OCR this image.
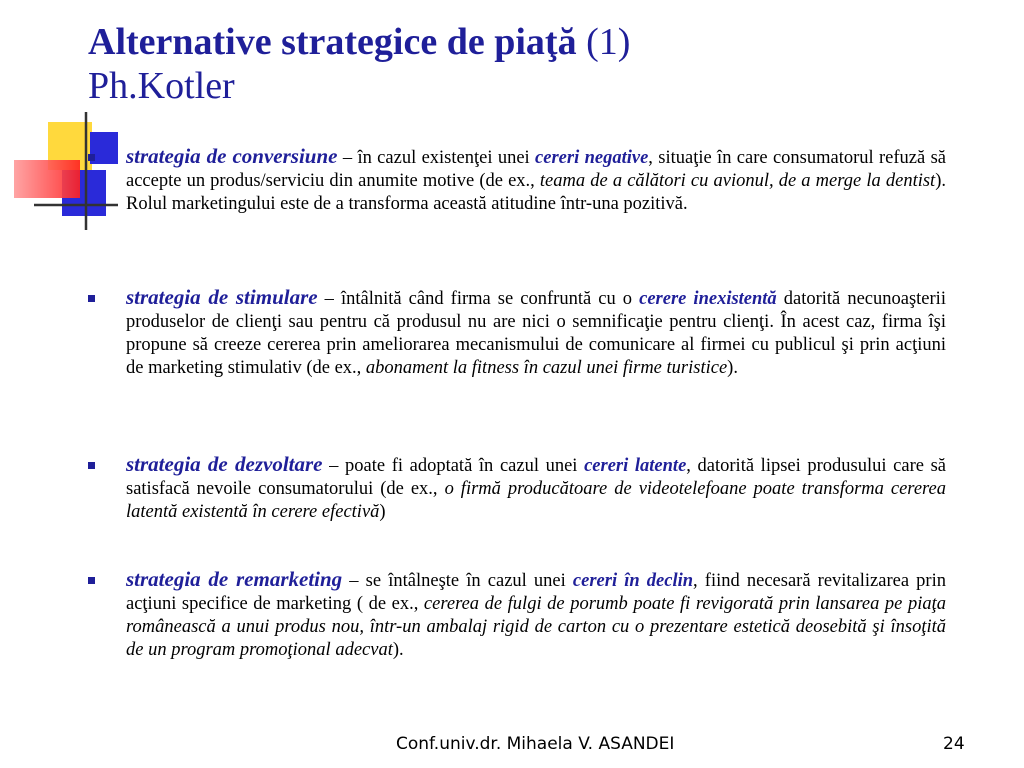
Alternative strategice de piaţă (1)
Ph.Kotler
strategia de conversiune – în cazul existenţei unei cereri negative, situaţie în care consumatorul refuză să accepte un produs/serviciu din anumite motive (de ex., teama de a călători cu avionul, de a merge la dentist). Rolul marketingului este de a transforma această atitudine într-una pozitivă.
strategia de stimulare – întâlnită când firma se confruntă cu o cerere inexistentă datorită necunoaşterii produselor de clienţi sau pentru că produsul nu are nici o semnificaţie pentru clienţi. În acest caz, firma îşi propune să creeze cererea prin ameliorarea mecanismului de comunicare al firmei cu publicul şi prin acţiuni de marketing stimulativ (de ex., abonament la fitness în cazul unei firme turistice).
strategia de dezvoltare – poate fi adoptată în cazul unei cereri latente, datorită lipsei produsului care să satisfacă nevoile consumatorului (de ex., o firmă producătoare de videotelefoane poate transforma cererea latentă existentă în cerere efectivă)
strategia de remarketing – se întâlneşte în cazul unei cereri în declin, fiind necesară revitalizarea prin acţiuni specifice de marketing ( de ex., cererea de fulgi de porumb poate fi revigorată prin lansarea pe piaţa românească a unui produs nou, într-un ambalaj rigid de carton cu o prezentare estetică deosebită şi însoţită de un program promoţional adecvat).
Conf.univ.dr. Mihaela V. ASANDEI	24
